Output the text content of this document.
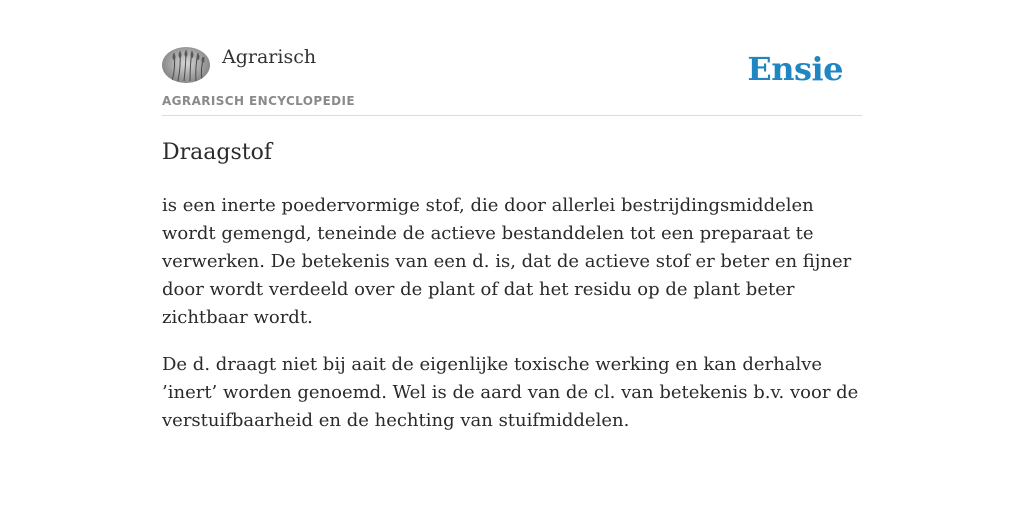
Agrarisch
AGRARISCH ENCYCLOPEDIE
Ensie
Draagstof

is een inerte poedervormige stof, die door allerlei bestrijdingsmiddelen wordt gemengd, teneinde de actieve bestanddelen tot een preparaat te verwerken. De betekenis van een d. is, dat de actieve stof er beter en fijner door wordt verdeeld over de plant of dat het residu op de plant beter zichtbaar wordt.

De d. draagt niet bij aait de eigenlijke toxische werking en kan derhalve ’inert’ worden genoemd. Wel is de aard van de cl. van betekenis b.v. voor de verstuifbaarheid en de hechting van stuifmiddelen.
